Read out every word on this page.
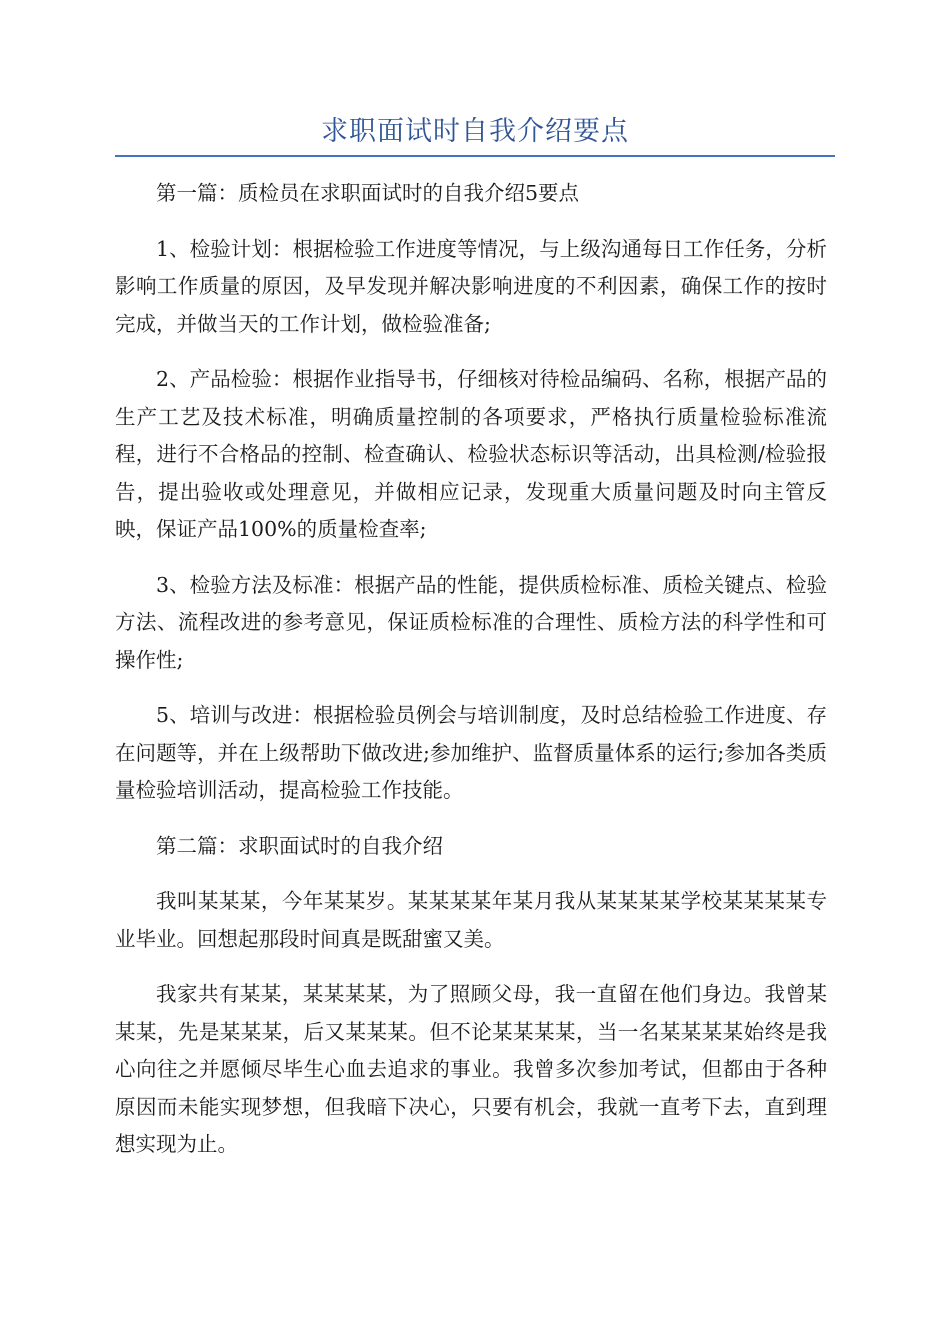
求职面试时自我介绍要点

第一篇：质检员在求职面试时的自我介绍5要点

1、检验计划：根据检验工作进度等情况，与上级沟通每日工作任务，分析影响工作质量的原因，及早发现并解决影响进度的不利因素，确保工作的按时完成，并做当天的工作计划，做检验准备;

2、产品检验：根据作业指导书，仔细核对待检品编码、名称，根据产品的生产工艺及技术标准，明确质量控制的各项要求，严格执行质量检验标准流程，进行不合格品的控制、检查确认、检验状态标识等活动，出具检测/检验报告，提出验收或处理意见，并做相应记录，发现重大质量问题及时向主管反映，保证产品100%的质量检查率;

3、检验方法及标准：根据产品的性能，提供质检标准、质检关键点、检验方法、流程改进的参考意见，保证质检标准的合理性、质检方法的科学性和可操作性;

5、培训与改进：根据检验员例会与培训制度，及时总结检验工作进度、存在问题等，并在上级帮助下做改进;参加维护、监督质量体系的运行;参加各类质量检验培训活动，提高检验工作技能。

第二篇：求职面试时的自我介绍

我叫某某某，今年某某岁。某某某某年某月我从某某某某学校某某某某专业毕业。回想起那段时间真是既甜蜜又美。

我家共有某某，某某某某，为了照顾父母，我一直留在他们身边。我曾某某某，先是某某某，后又某某某。但不论某某某某，当一名某某某某始终是我心向往之并愿倾尽毕生心血去追求的事业。我曾多次参加考试，但都由于各种原因而未能实现梦想，但我暗下决心，只要有机会，我就一直考下去，直到理想实现为止。
